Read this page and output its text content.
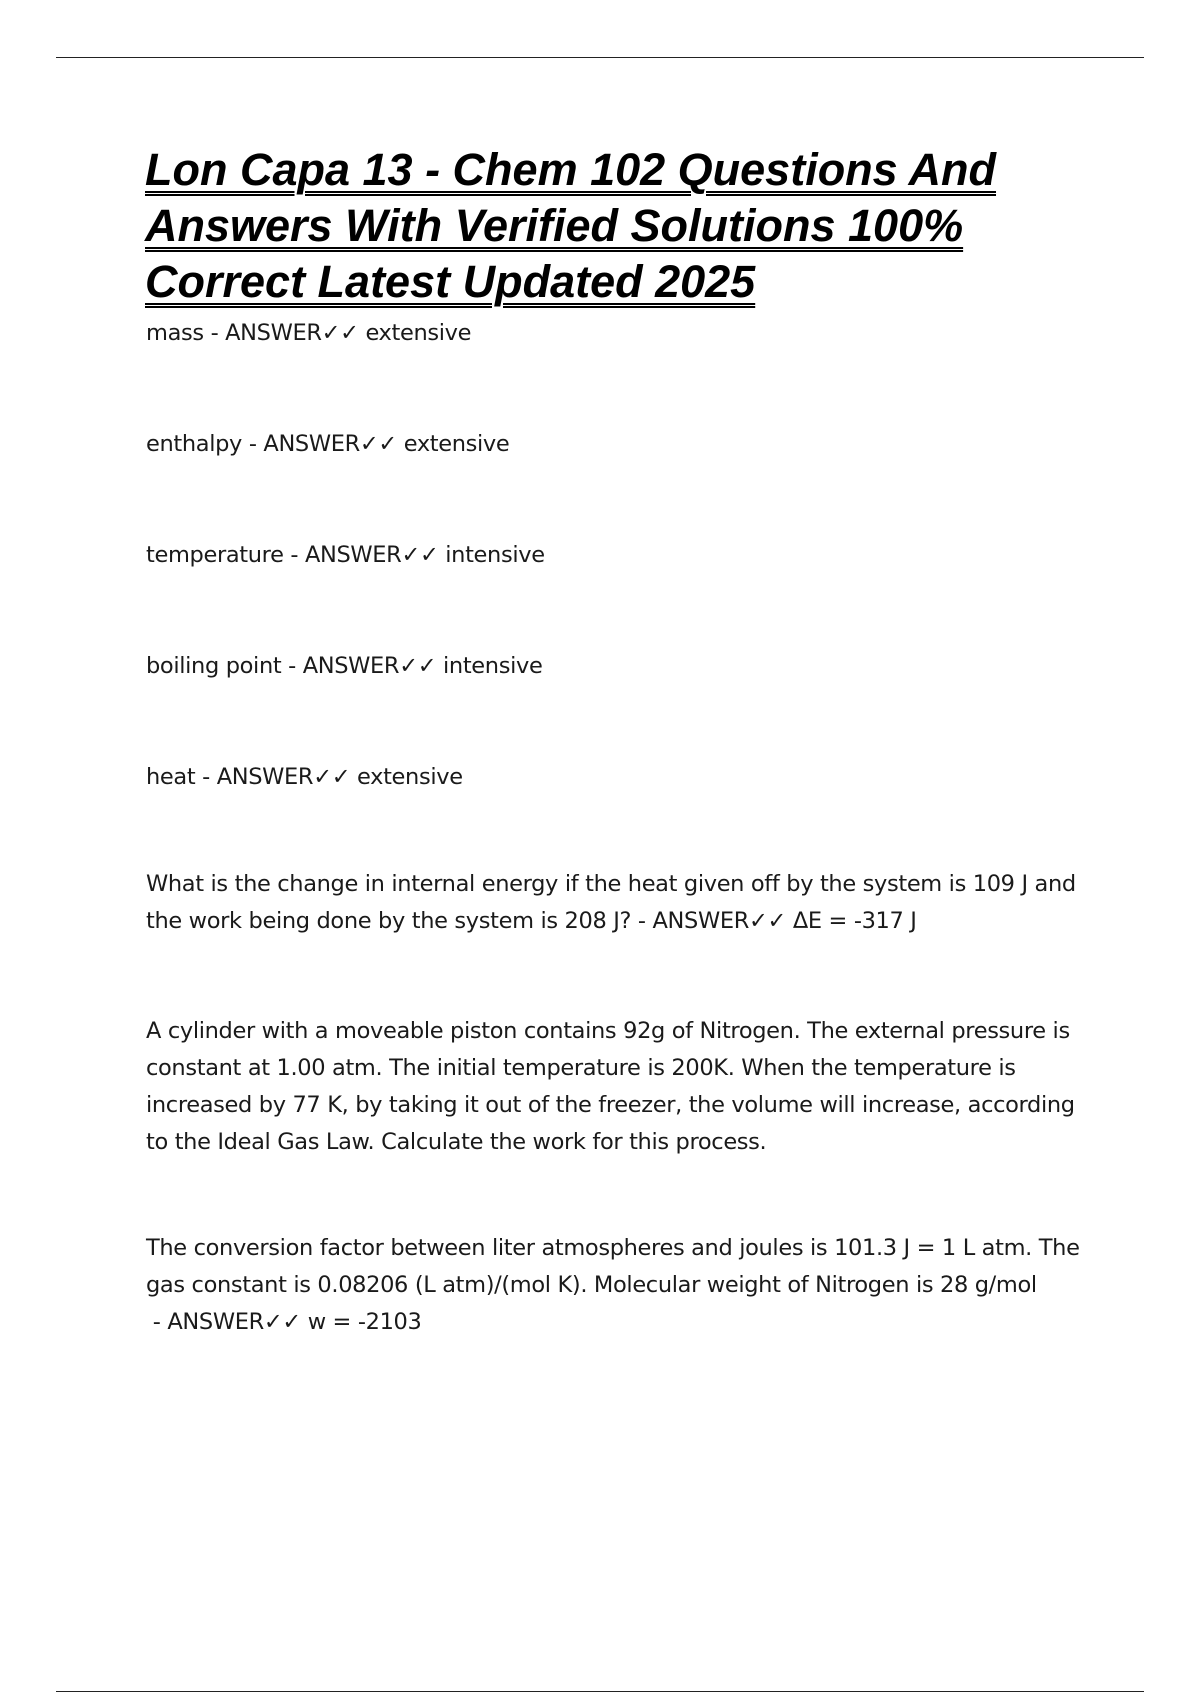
Lon Capa 13 - Chem 102 Questions And Answers With Verified Solutions 100% Correct Latest Updated 2025

mass - ANSWER✓✓ extensive

enthalpy - ANSWER✓✓ extensive

temperature - ANSWER✓✓ intensive

boiling point - ANSWER✓✓ intensive

heat - ANSWER✓✓ extensive

What is the change in internal energy if the heat given off by the system is 109 J and the work being done by the system is 208 J? - ANSWER✓✓ ΔE = -317 J

A cylinder with a moveable piston contains 92g of Nitrogen. The external pressure is constant at 1.00 atm. The initial temperature is 200K. When the temperature is increased by 77 K, by taking it out of the freezer, the volume will increase, according to the Ideal Gas Law. Calculate the work for this process.

The conversion factor between liter atmospheres and joules is 101.3 J = 1 L atm. The gas constant is 0.08206 (L atm)/(mol K). Molecular weight of Nitrogen is 28 g/mol - ANSWER✓✓ w = -2103
